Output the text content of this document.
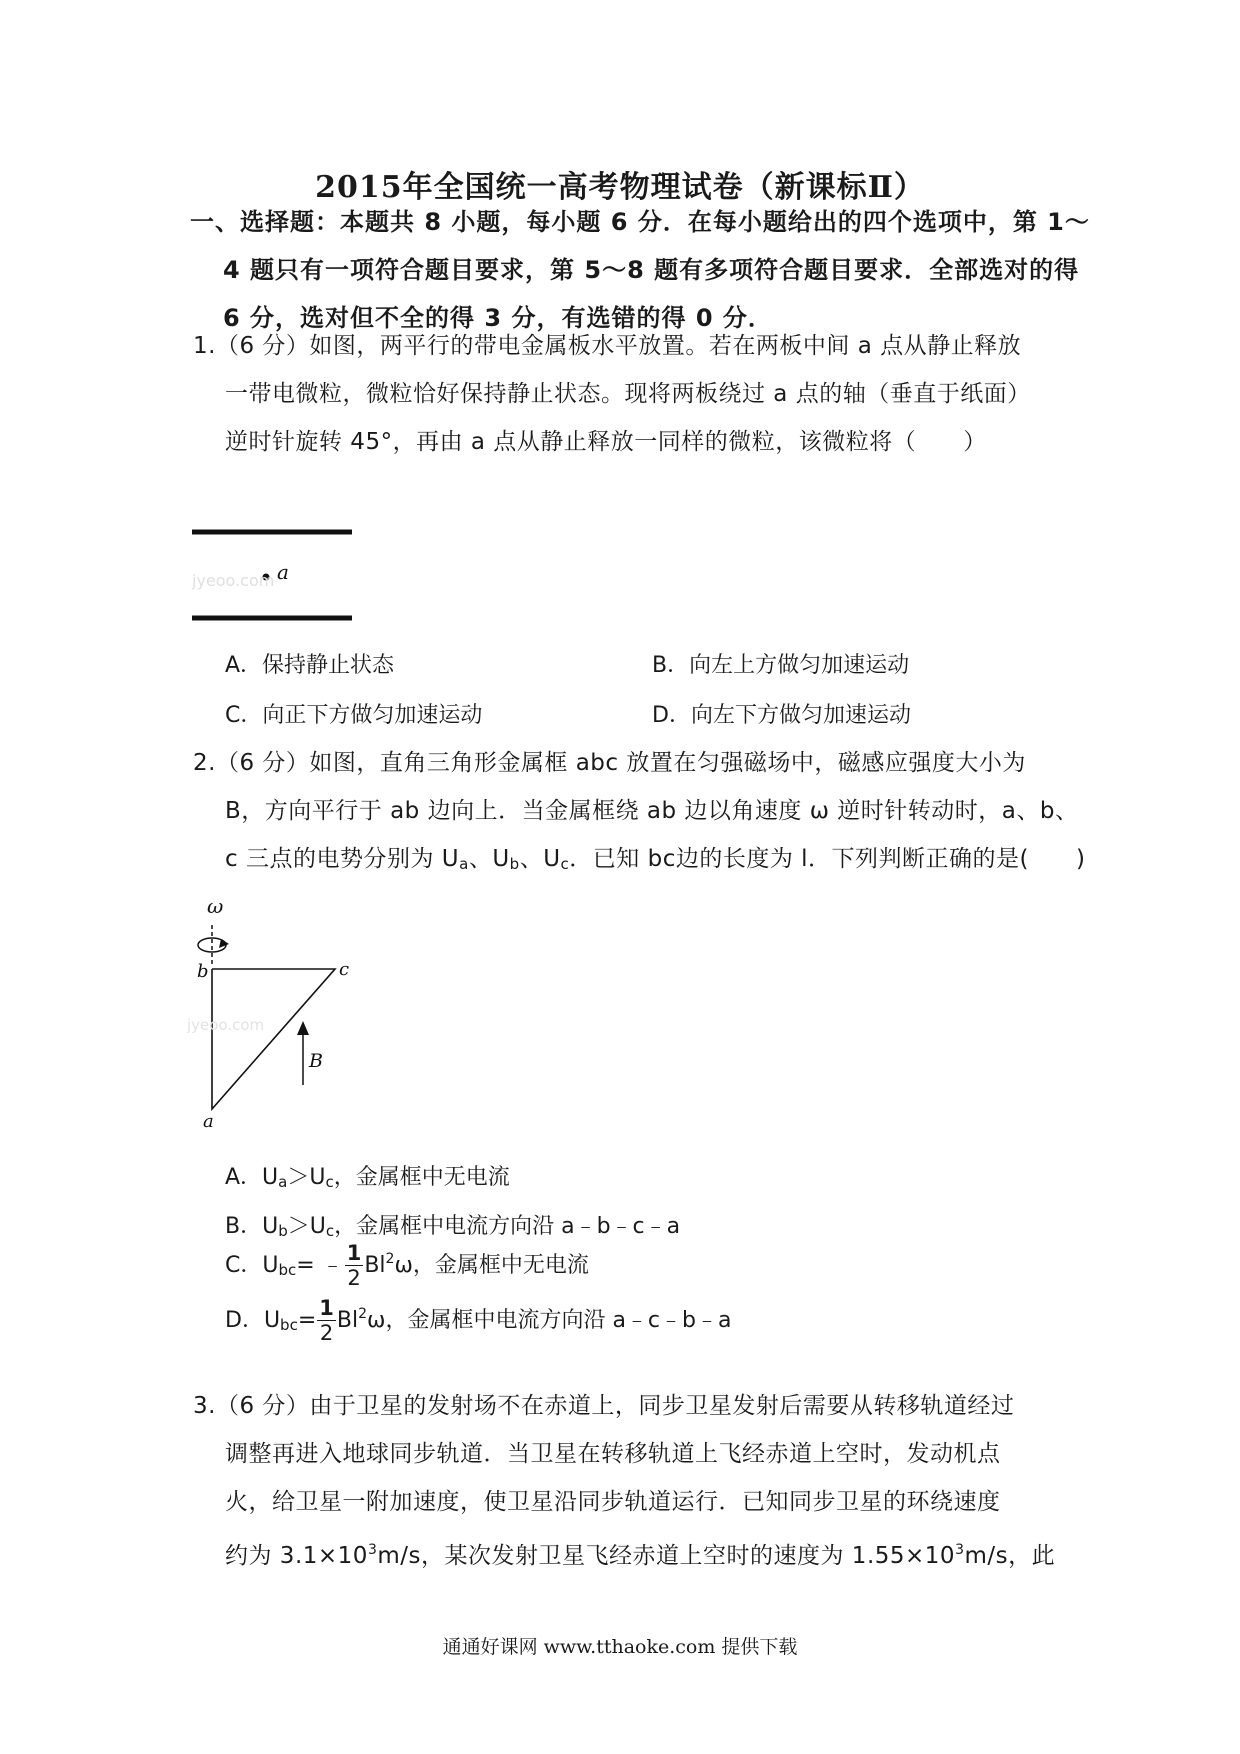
2015年全国统一高考物理试卷（新课标Ⅱ）
一、选择题：本题共 8 小题，每小题 6 分．在每小题给出的四个选项中，第 1～
4 题只有一项符合题目要求，第 5～8 题有多项符合题目要求．全部选对的得
6 分，选对但不全的得 3 分，有选错的得 0 分．
1.（6 分）如图，两平行的带电金属板水平放置。若在两板中间 a 点从静止释放
一带电微粒，微粒恰好保持静止状态。现将两板绕过 a 点的轴（垂直于纸面）
逆时针旋转 45°，再由 a 点从静止释放一同样的微粒，该微粒将（　　）
a
jyeoo.com
A．保持静止状态	B．向左上方做匀加速运动
C．向正下方做匀加速运动	D．向左下方做匀加速运动
2.（6 分）如图，直角三角形金属框 abc 放置在匀强磁场中，磁感应强度大小为
B，方向平行于 ab 边向上．当金属框绕 ab 边以角速度 ω 逆时针转动时，a、b、
c 三点的电势分别为 $U_a$、$U_b$、$U_c$．已知 bc边的长度为 l．下列判断正确的是(　　)
ω
b	c
a
B
jyeoo.com
A．$U_a>U_c$，金属框中无电流
B．$U_b>U_c$，金属框中电流方向沿 a﹣b﹣c﹣a
C．$U_{bc}=$ ﹣ $\frac{1}{2} Bl^2\omega$，金属框中无电流
D．$U_{bc}= \frac{1}{2} Bl^2\omega$，金属框中电流方向沿 a﹣c﹣b﹣a
3.（6 分）由于卫星的发射场不在赤道上，同步卫星发射后需要从转移轨道经过
调整再进入地球同步轨道．当卫星在转移轨道上飞经赤道上空时，发动机点
火，给卫星一附加速度，使卫星沿同步轨道运行．已知同步卫星的环绕速度
约为 $3.1\times 10^3m/s$，某次发射卫星飞经赤道上空时的速度为 $1.55\times 10^3m/s$，此
通通好课网 www.tthaoke.com 提供下载
